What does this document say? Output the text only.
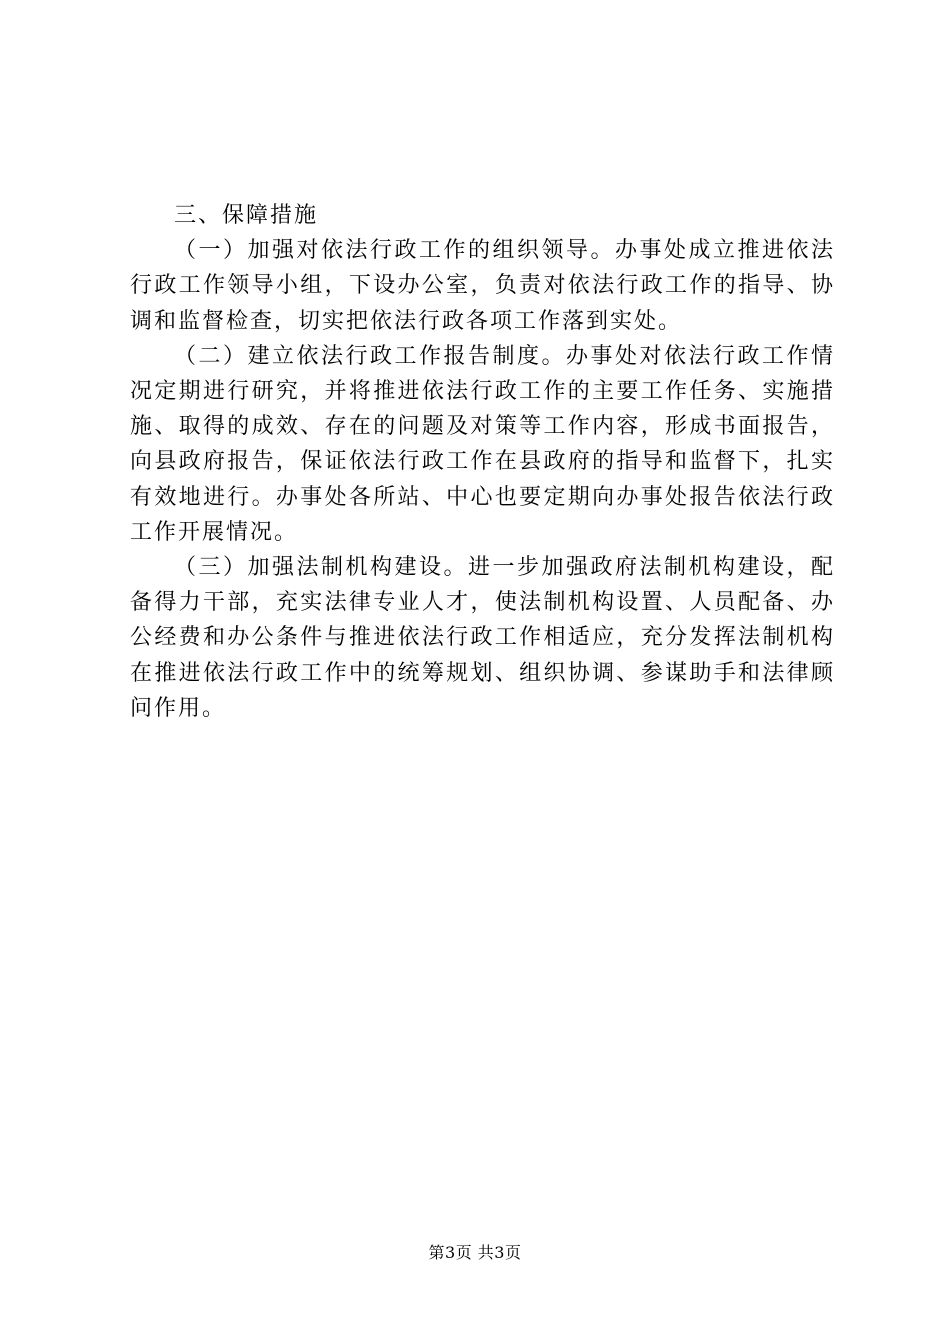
三、保障措施

（一）加强对依法行政工作的组织领导。办事处成立推进依法行政工作领导小组，下设办公室，负责对依法行政工作的指导、协调和监督检查，切实把依法行政各项工作落到实处。

（二）建立依法行政工作报告制度。办事处对依法行政工作情况定期进行研究，并将推进依法行政工作的主要工作任务、实施措施、取得的成效、存在的问题及对策等工作内容，形成书面报告，向县政府报告，保证依法行政工作在县政府的指导和监督下，扎实有效地进行。办事处各所站、中心也要定期向办事处报告依法行政工作开展情况。

（三）加强法制机构建设。进一步加强政府法制机构建设，配备得力干部，充实法律专业人才，使法制机构设置、人员配备、办公经费和办公条件与推进依法行政工作相适应，充分发挥法制机构在推进依法行政工作中的统筹规划、组织协调、参谋助手和法律顾问作用。

第3页 共3页
